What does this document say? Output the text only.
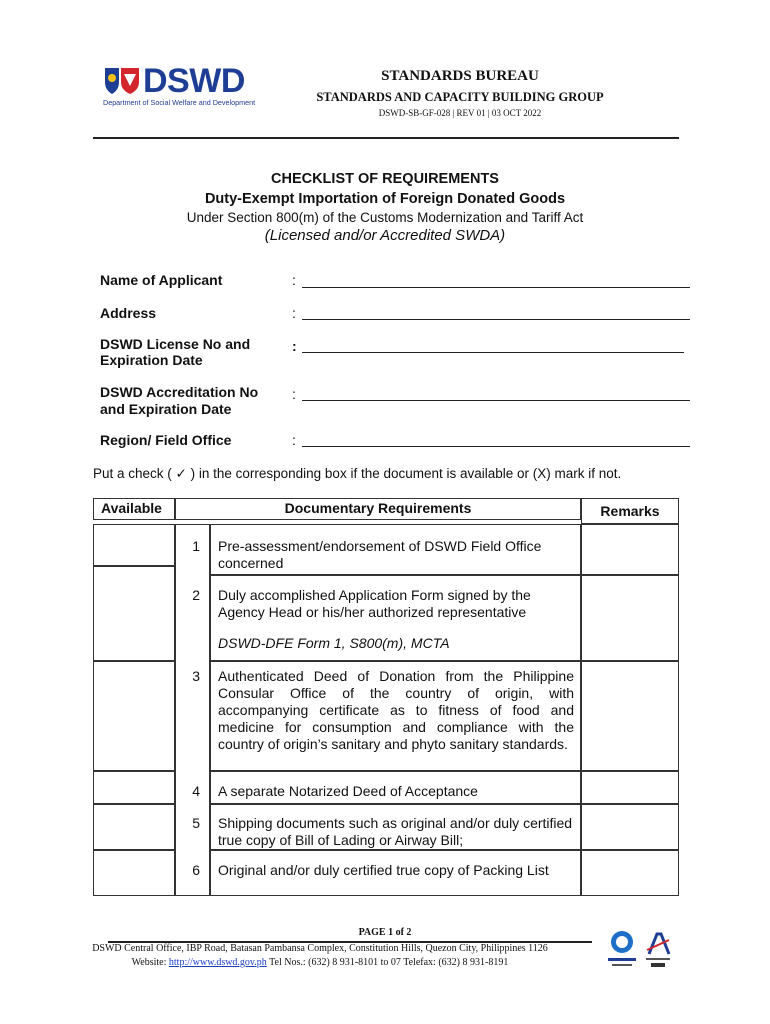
DSWD
Department of Social Welfare and Development
STANDARDS BUREAU
STANDARDS AND CAPACITY BUILDING GROUP
DSWD-SB-GF-028 | REV 01 | 03 OCT 2022
CHECKLIST OF REQUIREMENTS
Duty-Exempt Importation of Foreign Donated Goods
Under Section 800(m) of the Customs Modernization and Tariff Act
(Licensed and/or Accredited SWDA)
Name of Applicant	:
Address	:
DSWD License No and
Expiration Date
:
DSWD Accreditation No
and Expiration Date
:
Region/ Field Office	:
Put a check ( ✓ ) in the corresponding box if the document is available or (X) mark if not.
Available	Documentary Requirements	Remarks
1 Pre-assessment/endorsement of DSWD Field Office concerned
2 Duly accomplished Application Form signed by the Agency Head or his/her authorized representative
DSWD-DFE Form 1, S800(m), MCTA
3 Authenticated Deed of Donation from the Philippine Consular Office of the country of origin, with accompanying certificate as to fitness of food and medicine for consumption and compliance with the country of origin’s sanitary and phyto sanitary standards.
4 A separate Notarized Deed of Acceptance
5 Shipping documents such as original and/or duly certified true copy of Bill of Lading or Airway Bill;
6 Original and/or duly certified true copy of Packing List
PAGE 1 of 2
DSWD Central Office, IBP Road, Batasan Pambansa Complex, Constitution Hills, Quezon City, Philippines 1126
Website: http://www.dswd.gov.ph Tel Nos.: (632) 8 931-8101 to 07 Telefax: (632) 8 931-8191
